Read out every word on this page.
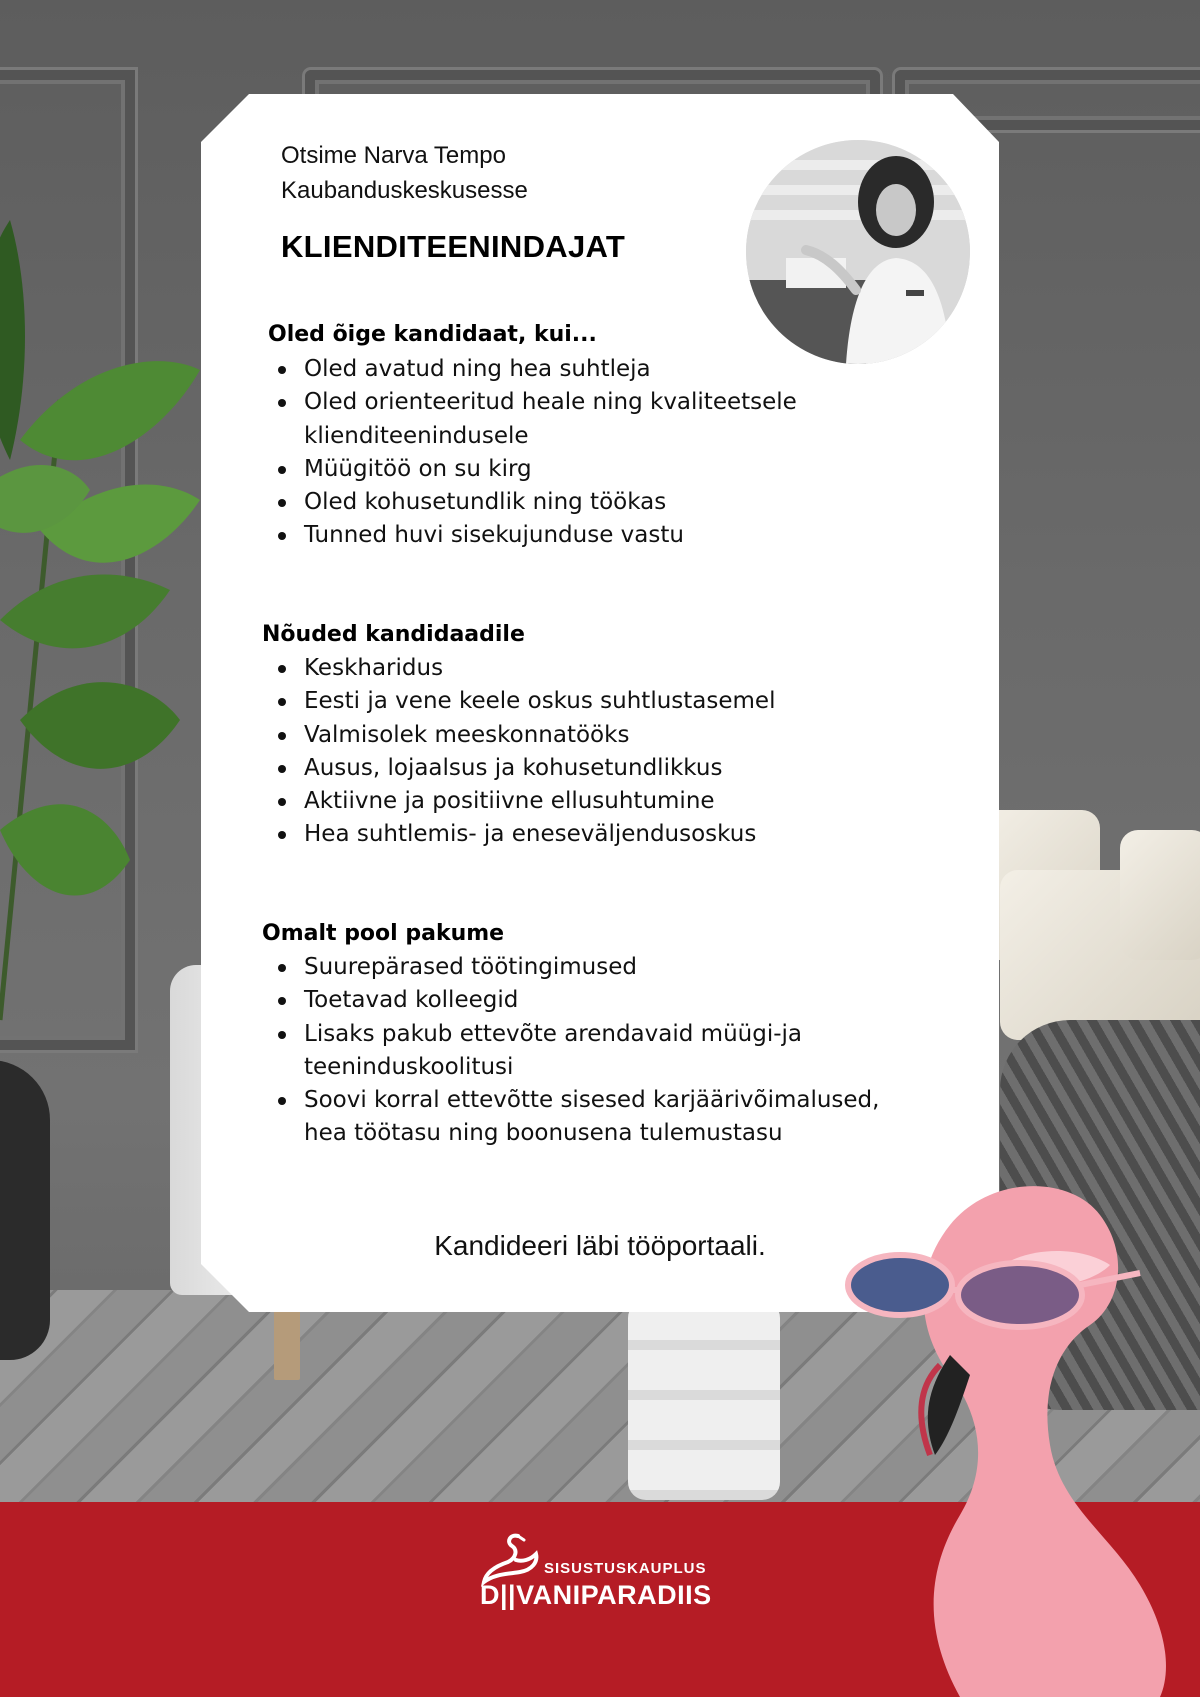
Otsime Narva Tempo
Kaubanduskeskusesse
KLIENDITEENINDAJAT
Oled õige kandidaat, kui...
Oled avatud ning hea suhtleja
Oled orienteeritud heale ning kvaliteetsele klienditeenindusele
Müügitöö on su kirg
Oled kohusetundlik ning töökas
Tunned huvi sisekujunduse vastu
Nõuded kandidaadile
Keskharidus
Eesti ja vene keele oskus suhtlustasemel
Valmisolek meeskonnatööks
Ausus, lojaalsus ja kohusetundlikkus
Aktiivne ja positiivne ellusuhtumine
Hea suhtlemis- ja eneseväljendusoskus
Omalt pool pakume
Suurepärased töötingimused
Toetavad kolleegid
Lisaks pakub ettevõte arendavaid müügi-ja teeninduskoolitusi
Soovi korral ettevõtte sisesed karjäärivõimalused, hea töötasu ning boonusena tulemustasu
Kandideeri läbi tööportaali.
SISUSTUSKAUPLUS
D||VANIPARADIIS
